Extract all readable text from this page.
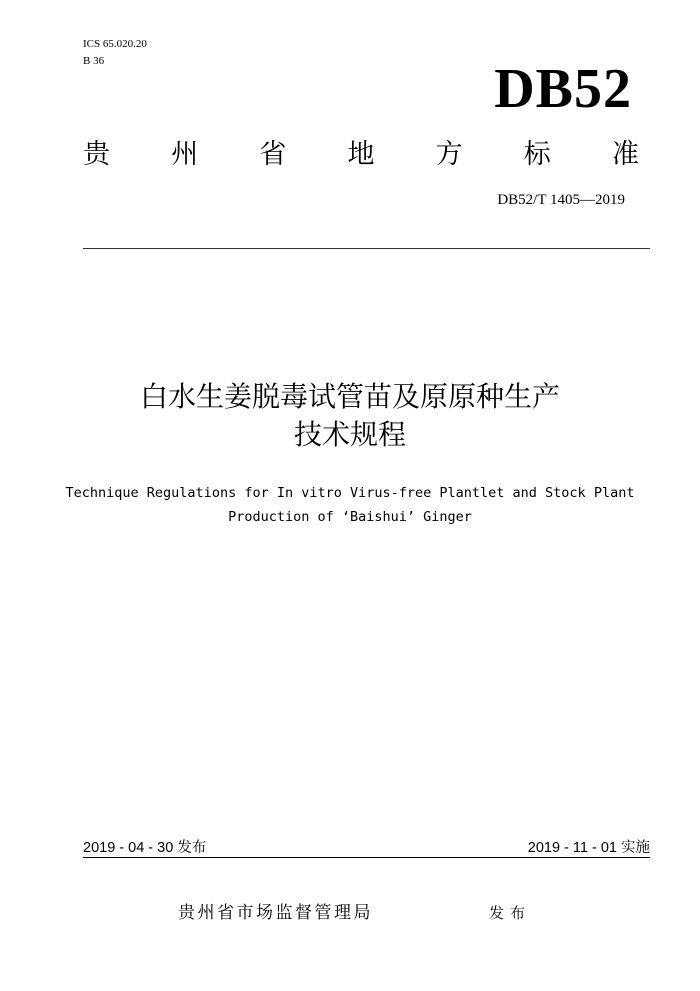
ICS 65.020.20
B 36	DB52
贵 州 省 地 方 标 准
DB52/T 1405—2019
白水生姜脱毒试管苗及原原种生产
技术规程
Technique Regulations for In vitro Virus-free Plantlet and Stock Plant
Production of ‘Baishui’ Ginger
2019 - 04 - 30 发布	2019 - 11 - 01 实施
贵州省市场监督管理局	发布
